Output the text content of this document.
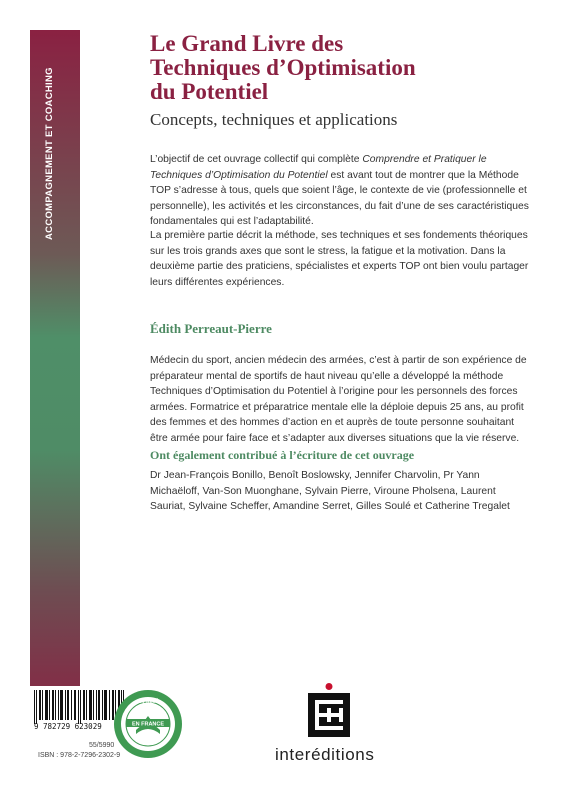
ACCOMPAGNEMENT ET COACHING
Le Grand Livre des
Techniques d’Optimisation
du Potentiel

Concepts, techniques et applications

L’objectif de cet ouvrage collectif qui complète Comprendre et Pratiquer le Techniques d’Optimisation du Potentiel est avant tout de montrer que la Méthode TOP s’adresse à tous, quels que soient l’âge, le contexte de vie (professionnelle et personnelle), les activités et les circonstances, du fait d’une de ses caractéristiques fondamentales qui est l’adaptabilité.

La première partie décrit la méthode, ses techniques et ses fondements théoriques sur les trois grands axes que sont le stress, la fatigue et la motivation. Dans la deuxième partie des praticiens, spécialistes et experts TOP ont bien voulu partager leurs différentes expériences.

Édith Perreaut-Pierre

Médecin du sport, ancien médecin des armées, c’est à partir de son expérience de préparateur mental de sportifs de haut niveau qu’elle a développé la méthode Techniques d’Optimisation du Potentiel à l’origine pour les personnels des forces armées. Formatrice et préparatrice mentale elle la déploie depuis 25 ans, au profit des femmes et des hommes d’action en et auprès de toute personne souhaitant être armée pour faire face et s’adapter aux diverses situations que la vie réserve.

Ont également contribué à l’écriture de cet ouvrage

Dr Jean-François Bonillo, Benoît Boslowsky, Jennifer Charvolin, Pr Yann Michaëloff, Van-Son Muonghane, Sylvain Pierre, Viroune Pholsena, Laurent Sauriat, Sylvaine Scheffer, Amandine Serret, Gilles Soulé et Catherine Tregalet

9 782729 623029
55/5990
ISBN : 978-2-7296-2302-9
EN FRANCE
IMPRIMÉ

interéditions
